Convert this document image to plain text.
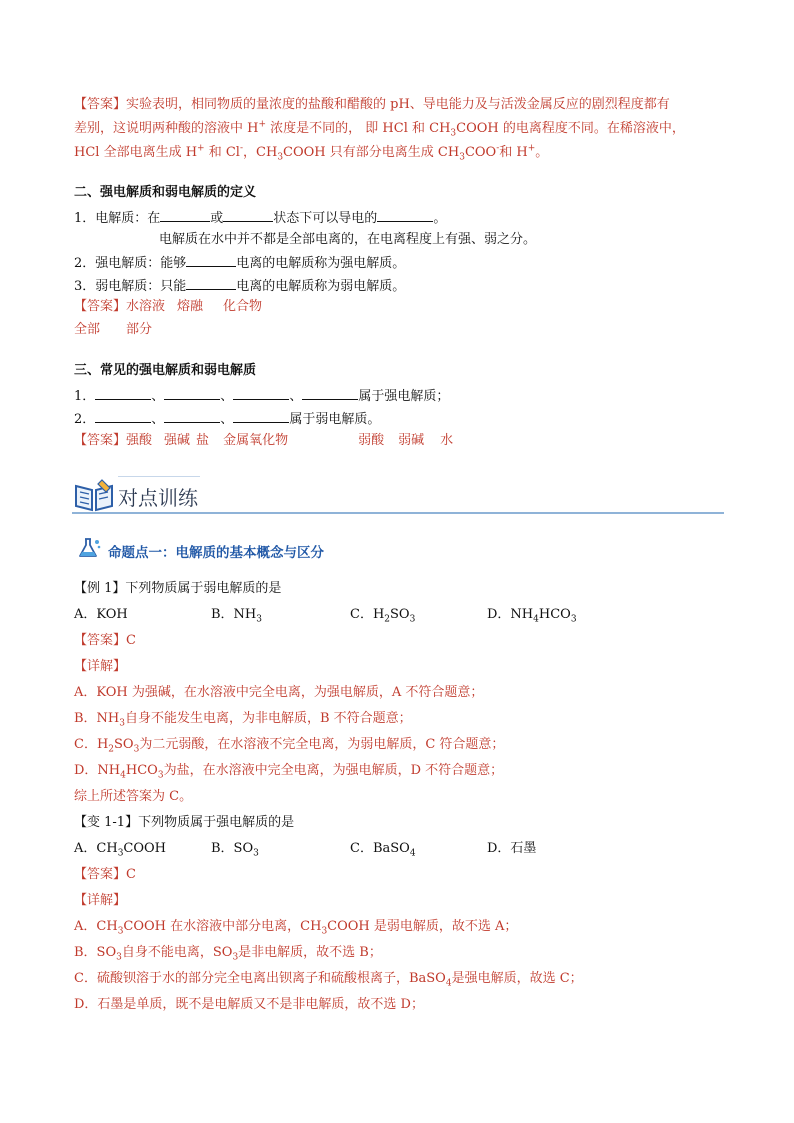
【答案】实验表明，相同物质的量浓度的盐酸和醋酸的 pH、导电能力及与活泼金属反应的剧烈程度都有
差别，这说明两种酸的溶液中 H+ 浓度是不同的， 即 HCl 和 $CH_3COOH$ 的电离程度不同。在稀溶液中，
HCl 全部电离生成 H+ 和 Cl-，$CH_3COOH$ 只有部分电离生成 $CH_3COO^-$和 H+。
二、强电解质和弱电解质的定义
1．电解质：在	或	状态下可以导电的	。
电解质在水中并不都是全部电离的，在电离程度上有强、弱之分。
2．强电解质：能够	电离的电解质称为强电解质。
3．弱电解质：只能	电离的电解质称为弱电解质。
【答案】水溶液 熔融 化合物
全部 部分
三、常见的强电解质和弱电解质
1．	、	、	、	属于强电解质；
2．	、	、	属于弱电解质。
【答案】强酸 强碱 盐 金属氧化物	弱酸 弱碱 水
对点训练
命题点一：电解质的基本概念与区分
【例 1】下列物质属于弱电解质的是
A．KOH	B．$NH_3$	C．$H_2SO_3$	D．$NH_4HCO_3$
【答案】C
【详解】
A．KOH 为强碱，在水溶液中完全电离，为强电解质，A 不符合题意；
B．$NH_3$自身不能发生电离，为非电解质，B 不符合题意；
C．$H_2SO_3$为二元弱酸，在水溶液不完全电离，为弱电解质，C 符合题意；
D．$NH_4HCO_3$为盐，在水溶液中完全电离，为强电解质，D 不符合题意；
综上所述答案为 C。
【变 1-1】下列物质属于强电解质的是
A．$CH_3COOH$	B．$SO_3$	C．BaSO$_4$	D．石墨
【答案】C
【详解】
A．$CH_3COOH$ 在水溶液中部分电离，$CH_3COOH$ 是弱电解质，故不选 A；
B．$SO_3$自身不能电离，$SO_3$是非电解质，故不选 B；
C．硫酸钡溶于水的部分完全电离出钡离子和硫酸根离子，BaSO$_4$是强电解质，故选 C；
D．石墨是单质，既不是电解质又不是非电解质，故不选 D；
